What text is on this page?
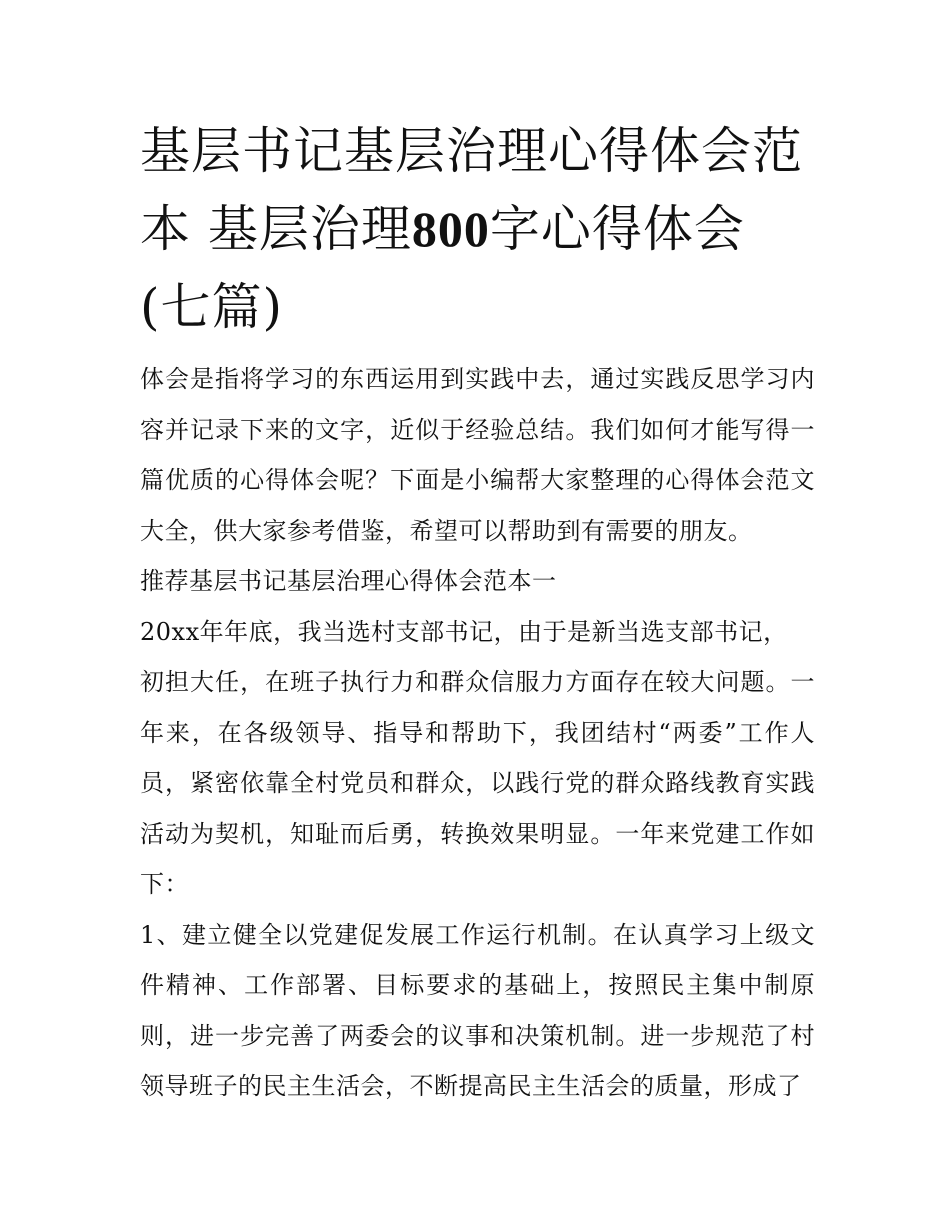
基层书记基层治理心得体会范本 基层治理800字心得体会(七篇)

体会是指将学习的东西运用到实践中去，通过实践反思学习内容并记录下来的文字，近似于经验总结。我们如何才能写得一篇优质的心得体会呢？下面是小编帮大家整理的心得体会范文大全，供大家参考借鉴，希望可以帮助到有需要的朋友。

推荐基层书记基层治理心得体会范本一

20xx年年底，我当选村支部书记，由于是新当选支部书记，

初担大任，在班子执行力和群众信服力方面存在较大问题。一年来，在各级领导、指导和帮助下，我团结村“两委”工作人员，紧密依靠全村党员和群众，以践行党的群众路线教育实践活动为契机，知耻而后勇，转换效果明显。一年来党建工作如下：

1、建立健全以党建促发展工作运行机制。在认真学习上级文件精神、工作部署、目标要求的基础上，按照民主集中制原则，进一步完善了两委会的议事和决策机制。进一步规范了村领导班子的民主生活会，不断提高民主生活会的质量，形成了
